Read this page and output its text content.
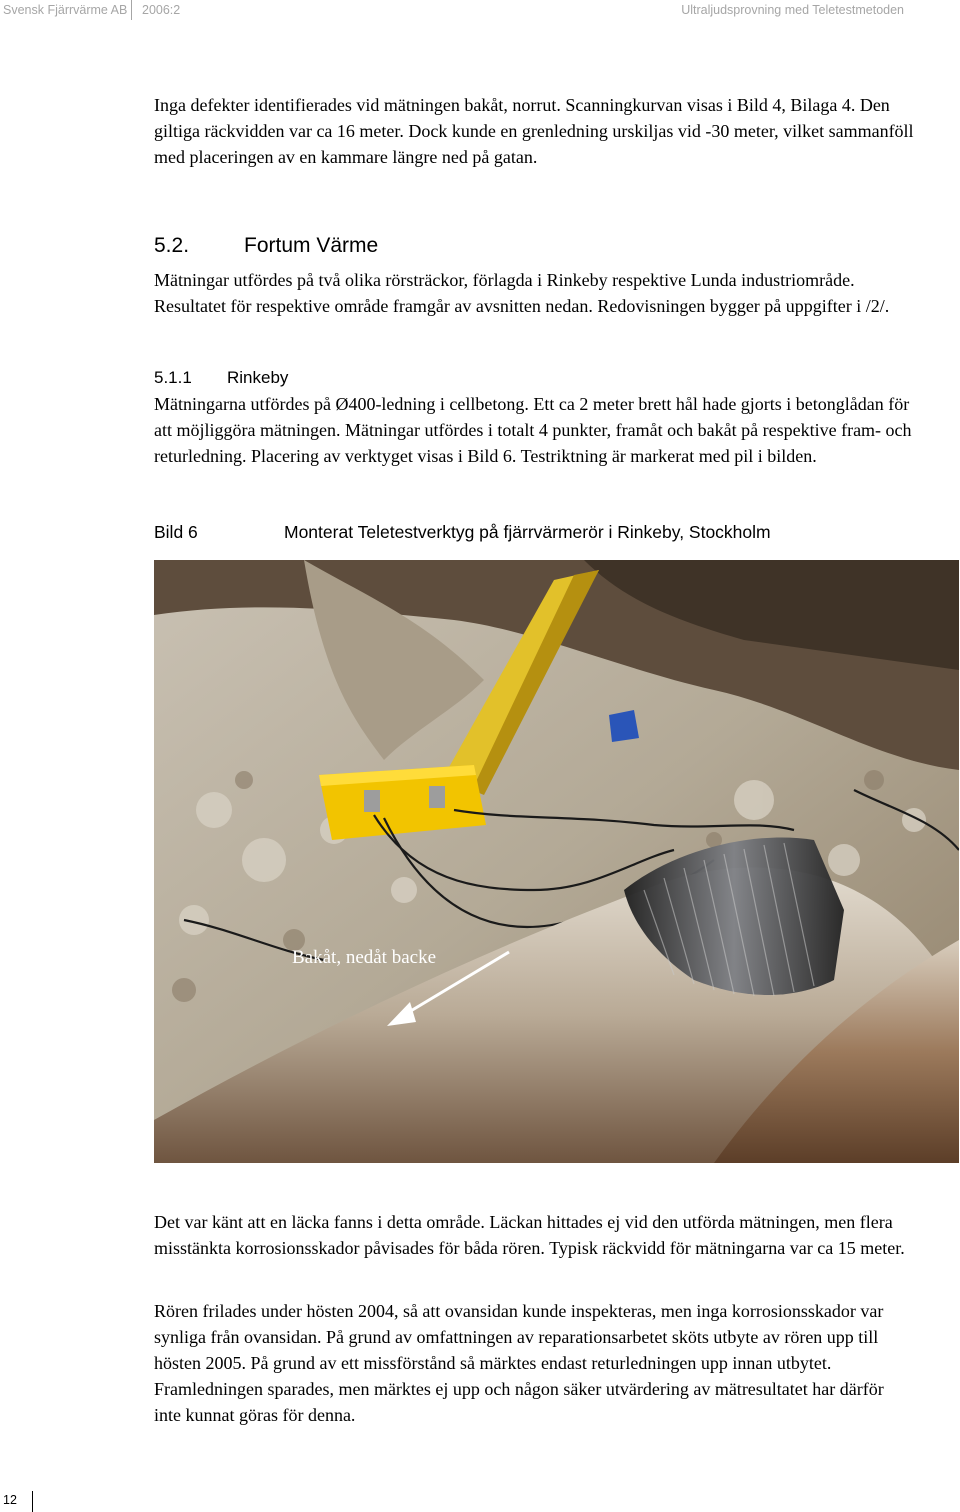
Svensk Fjärrvärme AB 2006:2	Ultraljudsprovning med Teletestmetoden
Inga defekter identifierades vid mätningen bakåt, norrut. Scanningkurvan visas i Bild 4, Bilaga 4. Den giltiga räckvidden var ca 16 meter. Dock kunde en grenledning urskiljas vid -30 meter, vilket sammanföll med placeringen av en kammare längre ned på gatan.
5.2.	Fortum Värme
Mätningar utfördes på två olika rörsträckor, förlagda i Rinkeby respektive Lunda industriområde. Resultatet för respektive område framgår av avsnitten nedan. Redovisningen bygger på uppgifter i /2/.
5.1.1 Rinkeby
Mätningarna utfördes på Ø400-ledning i cellbetong. Ett ca 2 meter brett hål hade gjorts i betonglådan för att möjliggöra mätningen. Mätningar utfördes i totalt 4 punkter, framåt och bakåt på respektive fram- och returledning. Placering av verktyget visas i Bild 6. Testriktning är markerat med pil i bilden.
Bild 6	Monterat Teletestverktyg på fjärrvärmerör i Rinkeby, Stockholm
Bakåt, nedåt backe
Det var känt att en läcka fanns i detta område. Läckan hittades ej vid den utförda mätningen, men flera misstänkta korrosionsskador påvisades för båda rören. Typisk räckvidd för mätningarna var ca 15 meter.
Rören frilades under hösten 2004, så att ovansidan kunde inspekteras, men inga korrosionsskador var synliga från ovansidan. På grund av omfattningen av reparationsarbetet sköts utbyte av rören upp till hösten 2005. På grund av ett missförstånd så märktes endast returledningen upp innan utbytet. Framledningen sparades, men märktes ej upp och någon säker utvärdering av mätresultatet har därför inte kunnat göras för denna.
12
